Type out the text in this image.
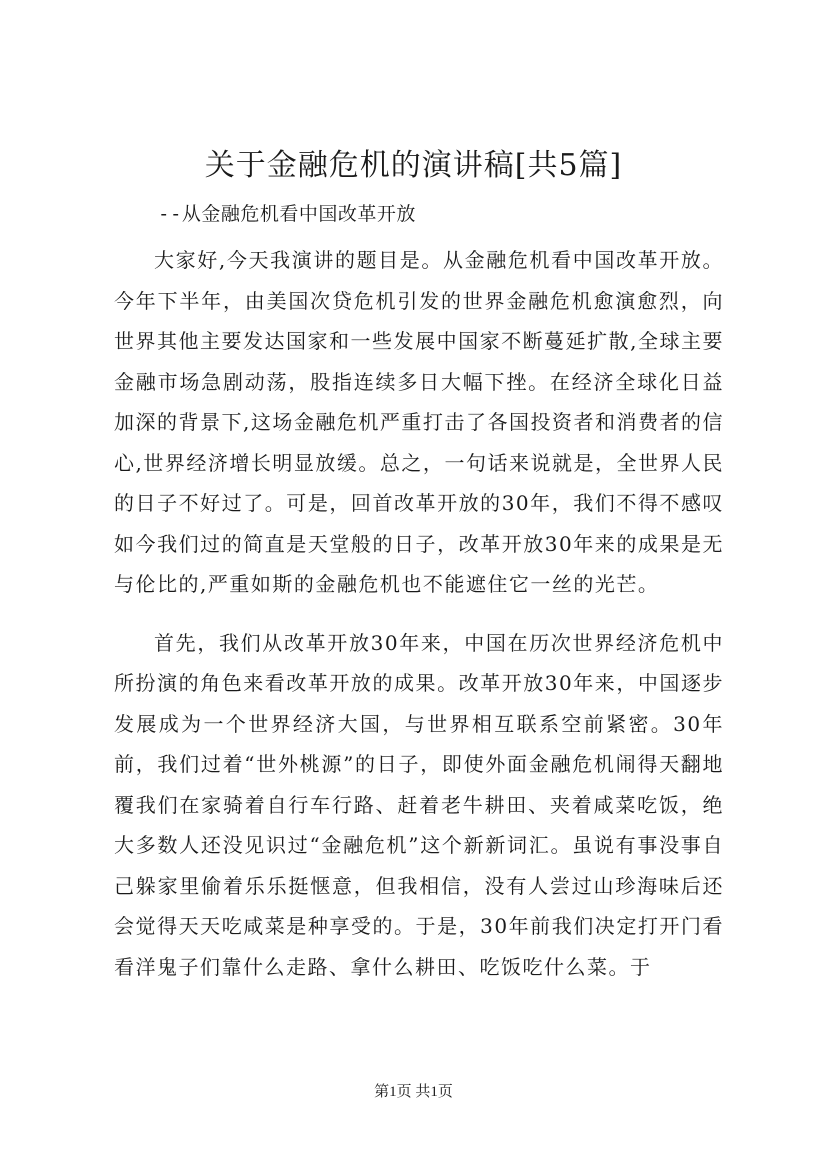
关于金融危机的演讲稿[共5篇]
--从金融危机看中国改革开放

大家好,今天我演讲的题目是。从金融危机看中国改革开放。今年下半年，由美国次贷危机引发的世界金融危机愈演愈烈，向世界其他主要发达国家和一些发展中国家不断蔓延扩散,全球主要金融市场急剧动荡，股指连续多日大幅下挫。在经济全球化日益加深的背景下,这场金融危机严重打击了各国投资者和消费者的信心,世界经济增长明显放缓。总之，一句话来说就是，全世界人民的日子不好过了。可是，回首改革开放的30年，我们不得不感叹如今我们过的简直是天堂般的日子，改革开放30年来的成果是无与伦比的,严重如斯的金融危机也不能遮住它一丝的光芒。

首先，我们从改革开放30年来，中国在历次世界经济危机中所扮演的角色来看改革开放的成果。改革开放30年来，中国逐步发展成为一个世界经济大国，与世界相互联系空前紧密。30年前，我们过着“世外桃源”的日子，即使外面金融危机闹得天翻地覆我们在家骑着自行车行路、赶着老牛耕田、夹着咸菜吃饭，绝大多数人还没见识过“金融危机”这个新新词汇。虽说有事没事自己躲家里偷着乐乐挺惬意，但我相信，没有人尝过山珍海味后还会觉得天天吃咸菜是种享受的。于是，30年前我们决定打开门看看洋鬼子们靠什么走路、拿什么耕田、吃饭吃什么菜。于

第1页 共1页
